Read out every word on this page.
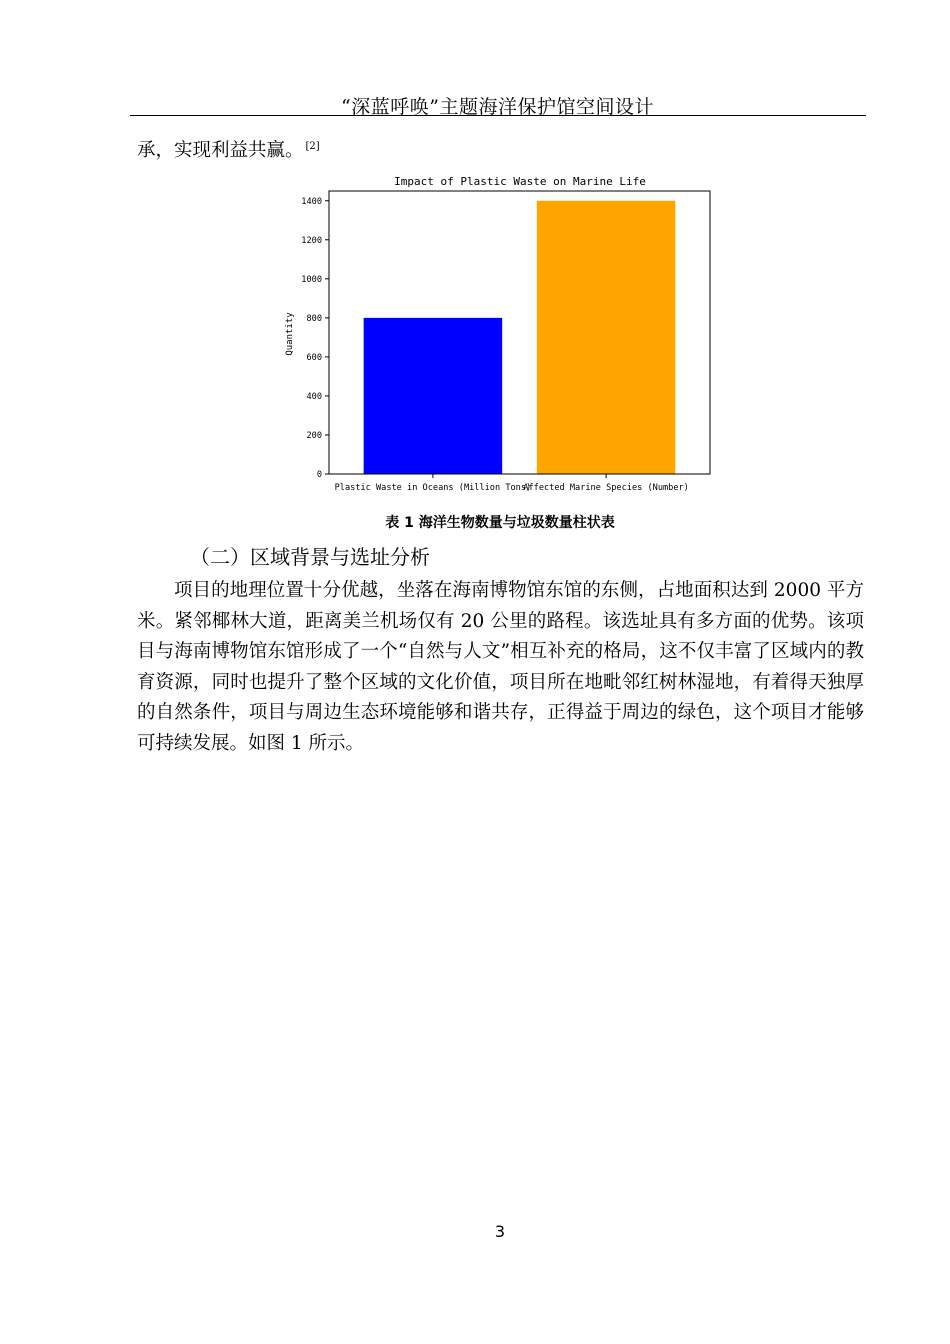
“深蓝呼唤”主题海洋保护馆空间设计
承，实现利益共赢。 [2]
Impact of Plastic Waste on Marine Life
Quantity
0
200
400
600
800
1000
1200
1400
Plastic Waste in Oceans (Million Tons)
Affected Marine Species (Number)
表 1 海洋生物数量与垃圾数量柱状表
（二）区域背景与选址分析

项目的地理位置十分优越，坐落在海南博物馆东馆的东侧，占地面积达到 2000 平方米。紧邻椰林大道，距离美兰机场仅有 20 公里的路程。该选址具有多方面的优势。该项目与海南博物馆东馆形成了一个“自然与人文”相互补充的格局，这不仅丰富了区域内的教育资源，同时也提升了整个区域的文化价值，项目所在地毗邻红树林湿地，有着得天独厚的自然条件，项目与周边生态环境能够和谐共存，正得益于周边的绿色，这个项目才能够可持续发展。如图 1 所示。

3
